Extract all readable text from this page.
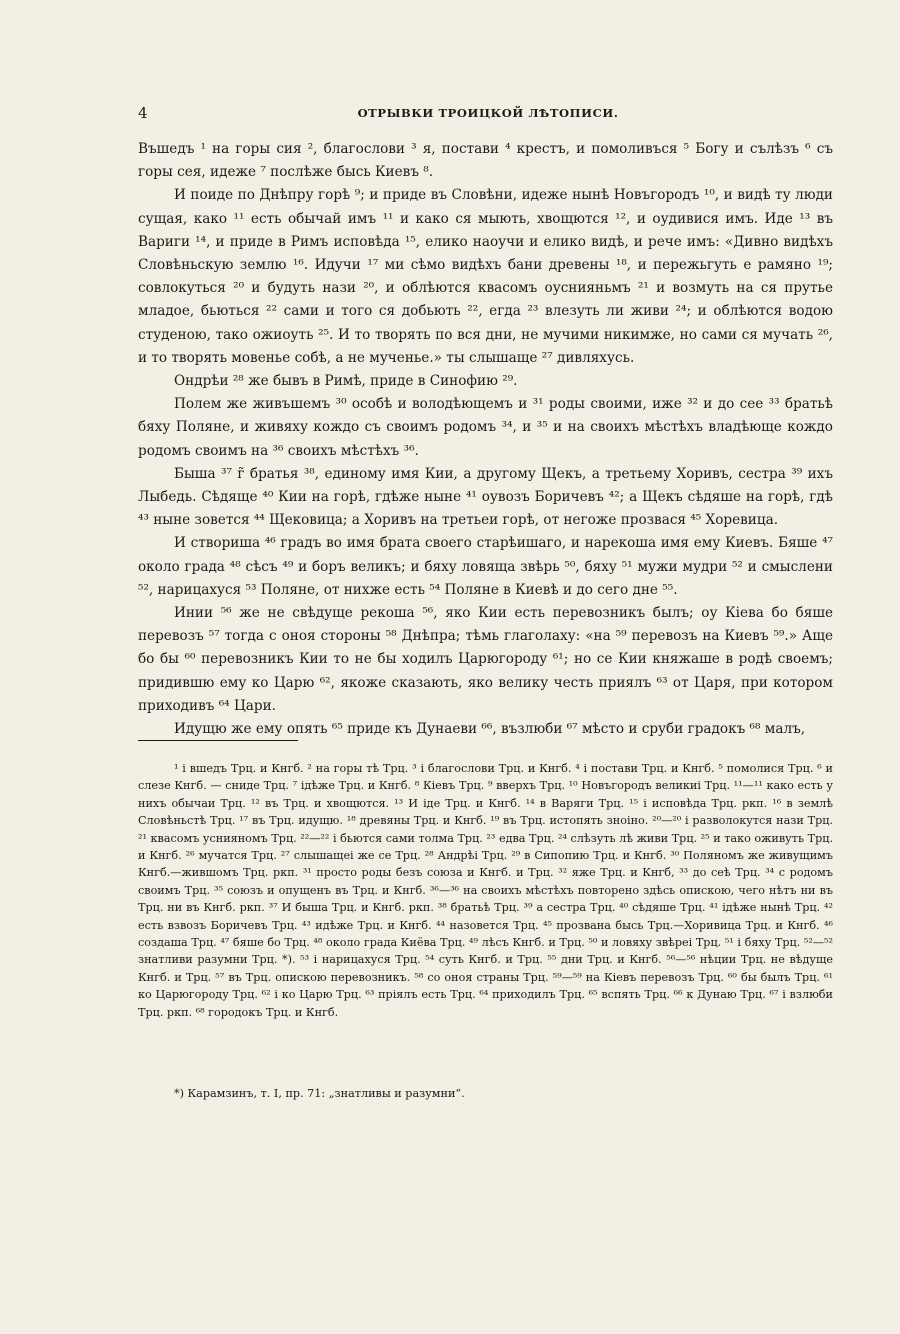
4	ОТРЫВКИ ТРОИЦКОЙ ЛѢТОПИСИ.

Въшедъ ¹ на горы сия ², благослови ³ я, постави ⁴ крестъ, и помоливъся ⁵ Богу и сълѣзъ ⁶ съ горы сея, идеже ⁷ послѣже бысь Киевъ ⁸.

И поиде по Днѣпру горѣ ⁹; и приде въ Словѣни, идеже нынѣ Новъгородъ ¹⁰, и видѣ ту люди сущая, како ¹¹ есть обычай имъ ¹¹ и како ся мыють, хвощются ¹², и оудивися имъ. Иде ¹³ въ Вариги ¹⁴, и приде в Римъ исповѣда ¹⁵, елико наоучи и елико видѣ, и рече имъ: «Дивно видѣхъ Словѣньскую землю ¹⁶. Идучи ¹⁷ ми сѣмо видѣхъ бани древены ¹⁸, и пережьгуть е рамяно ¹⁹; совлокуться ²⁰ и будуть нази ²⁰, и облѣются квасомъ оуснияньмъ ²¹ и возмуть на ся прутье младое, бьються ²² сами и того ся добьють ²², егда ²³ влезуть ли живи ²⁴; и облѣются водою студеною, тако ожиоуть ²⁵. И то творять по вся дни, не мучими никимже, но сами ся мучать ²⁶, и то творять мовенье собѣ, а не мученье.» ты слышаще ²⁷ дивляхусь.

Ондрѣи ²⁸ же бывъ в Римѣ, приде в Синофию ²⁹.

Полем же живъшемъ ³⁰ особѣ и володѣющемъ и ³¹ роды своими, иже ³² и до сее ³³ братьѣ бяху Поляне, и живяху кождо съ своимъ родомъ ³⁴, и ³⁵ и на своихъ мѣстѣхъ владѣюще кождо родомъ своимъ на ³⁶ своихъ мѣстѣхъ ³⁶.

Быша ³⁷ г̃ братья ³⁸, единому имя Кии, а другому Щекъ, а третьему Хоривъ, сестра ³⁹ ихъ Лыбедь. Сѣдяще ⁴⁰ Кии на горѣ, гдѣже ныне ⁴¹ оувозъ Боричевъ ⁴²; а Щекъ сѣдяше на горѣ, гдѣ ⁴³ ныне зовется ⁴⁴ Щековица; а Хоривъ на третьеи горѣ, от негоже прозвася ⁴⁵ Хоревица.

И створиша ⁴⁶ градъ во имя брата своего старѣишаго, и нарекоша имя ему Киевъ. Бяше ⁴⁷ около града ⁴⁸ сѣсъ ⁴⁹ и боръ великъ; и бяху ловяща звѣрь ⁵⁰, бяху ⁵¹ мужи мудри ⁵² и смыслени ⁵², нарицахуся ⁵³ Поляне, от нихже есть ⁵⁴ Поляне в Киевѣ и до сего дне ⁵⁵.

Инии ⁵⁶ же не свѣдуще рекоша ⁵⁶, яко Кии есть перевозникъ былъ; оу Кіева бо бяше перевозъ ⁵⁷ тогда с оноя стороны ⁵⁸ Днѣпра; тѣмь глаголаху: «на ⁵⁹ перевозъ на Киевъ ⁵⁹.» Аще бо бы ⁶⁰ перевозникъ Кии то не бы ходилъ Царюгороду ⁶¹; но се Кии княжаше в родѣ своемъ; придившю ему ко Царю ⁶², якоже сказають, яко велику честь приялъ ⁶³ от Царя, при котором приходивъ ⁶⁴ Цари.

Идущю же ему опять ⁶⁵ приде къ Дунаеви ⁶⁶, възлюби ⁶⁷ мѣсто и сруби градокъ ⁶⁸ малъ,

¹ і вшедъ Трц. и Кнгб. ² на горы тѣ Трц. ³ і благослови Трц. и Кнгб. ⁴ і постави Трц. и Кнгб. ⁵ помолися Трц. ⁶ и слезе Кнгб. — сниде Трц. ⁷ ідѣже Трц. и Кнгб. ⁸ Кіевъ Трц. ⁹ вверхъ Трц. ¹⁰ Новъгородъ великиі Трц. ¹¹—¹¹ како есть у нихъ обычаи Трц. ¹² въ Трц. и хвощются. ¹³ И іде Трц. и Кнгб. ¹⁴ в Варяги Трц. ¹⁵ і исповѣда Трц. ркп. ¹⁶ в землѣ Словѣньстѣ Трц. ¹⁷ въ Трц. идущю. ¹⁸ древяны Трц. и Кнгб. ¹⁹ въ Трц. истопять зноіно. ²⁰—²⁰ і разволокутся нази Трц. ²¹ квасомъ уснияномъ Трц. ²²—²² і бьются сами толма Трц. ²³ едва Трц. ²⁴ слѣзуть лѣ живи Трц. ²⁵ и тако оживуть Трц. и Кнгб. ²⁶ мучатся Трц. ²⁷ слышащеі же се Трц. ²⁸ Андрѣі Трц. ²⁹ в Сипопию Трц. и Кнгб. ³⁰ Поляномъ же живущимъ Кнгб.—жившомъ Трц. ркп. ³¹ просто роды безъ союза и Кнгб. и Трц. ³² яже Трц. и Кнгб, ³³ до сеѣ Трц. ³⁴ с родомъ своимъ Трц. ³⁵ союзъ и опущенъ въ Трц. и Кнгб. ³⁶—³⁶ на своихъ мѣстѣхъ повторено здѣсь опискою, чего нѣтъ ни въ Трц. ни въ Кнгб. ркп. ³⁷ И быша Трц. и Кнгб. ркп. ³⁸ братьѣ Трц. ³⁹ а сестра Трц. ⁴⁰ сѣдяше Трц. ⁴¹ ідѣже нынѣ Трц. ⁴² есть взвозъ Боричевъ Трц. ⁴³ идѣже Трц. и Кнгб. ⁴⁴ назовется Трц. ⁴⁵ прозвана бысь Трц.—Хоривица Трц. и Кнгб. ⁴⁶ создаша Трц. ⁴⁷ бяше бо Трц. ⁴⁸ около града Киёва Трц. ⁴⁹ лѣсъ Кнгб. и Трц. ⁵⁰ и ловяху звѣреі Трц. ⁵¹ і бяху Трц. ⁵²—⁵² знатливи разумни Трц. *). ⁵³ і нарицахуся Трц. ⁵⁴ суть Кнгб. и Трц. ⁵⁵ дни Трц. и Кнгб. ⁵⁶—⁵⁶ нѣции Трц. не вѣдуще Кнгб. и Трц. ⁵⁷ въ Трц. опискою перевозникъ. ⁵⁸ со оноя страны Трц. ⁵⁹—⁵⁹ на Кіевъ перевозъ Трц. ⁶⁰ бы былъ Трц. ⁶¹ ко Царюгороду Трц. ⁶² і ко Царю Трц. ⁶³ пріялъ есть Трц. ⁶⁴ приходилъ Трц. ⁶⁵ вспять Трц. ⁶⁶ к Дунаю Трц. ⁶⁷ і взлюби Трц. ркп. ⁶⁸ городокъ Трц. и Кнгб.
*) Карамзинъ, т. I, пр. 71: „знатливы и разумни“.
